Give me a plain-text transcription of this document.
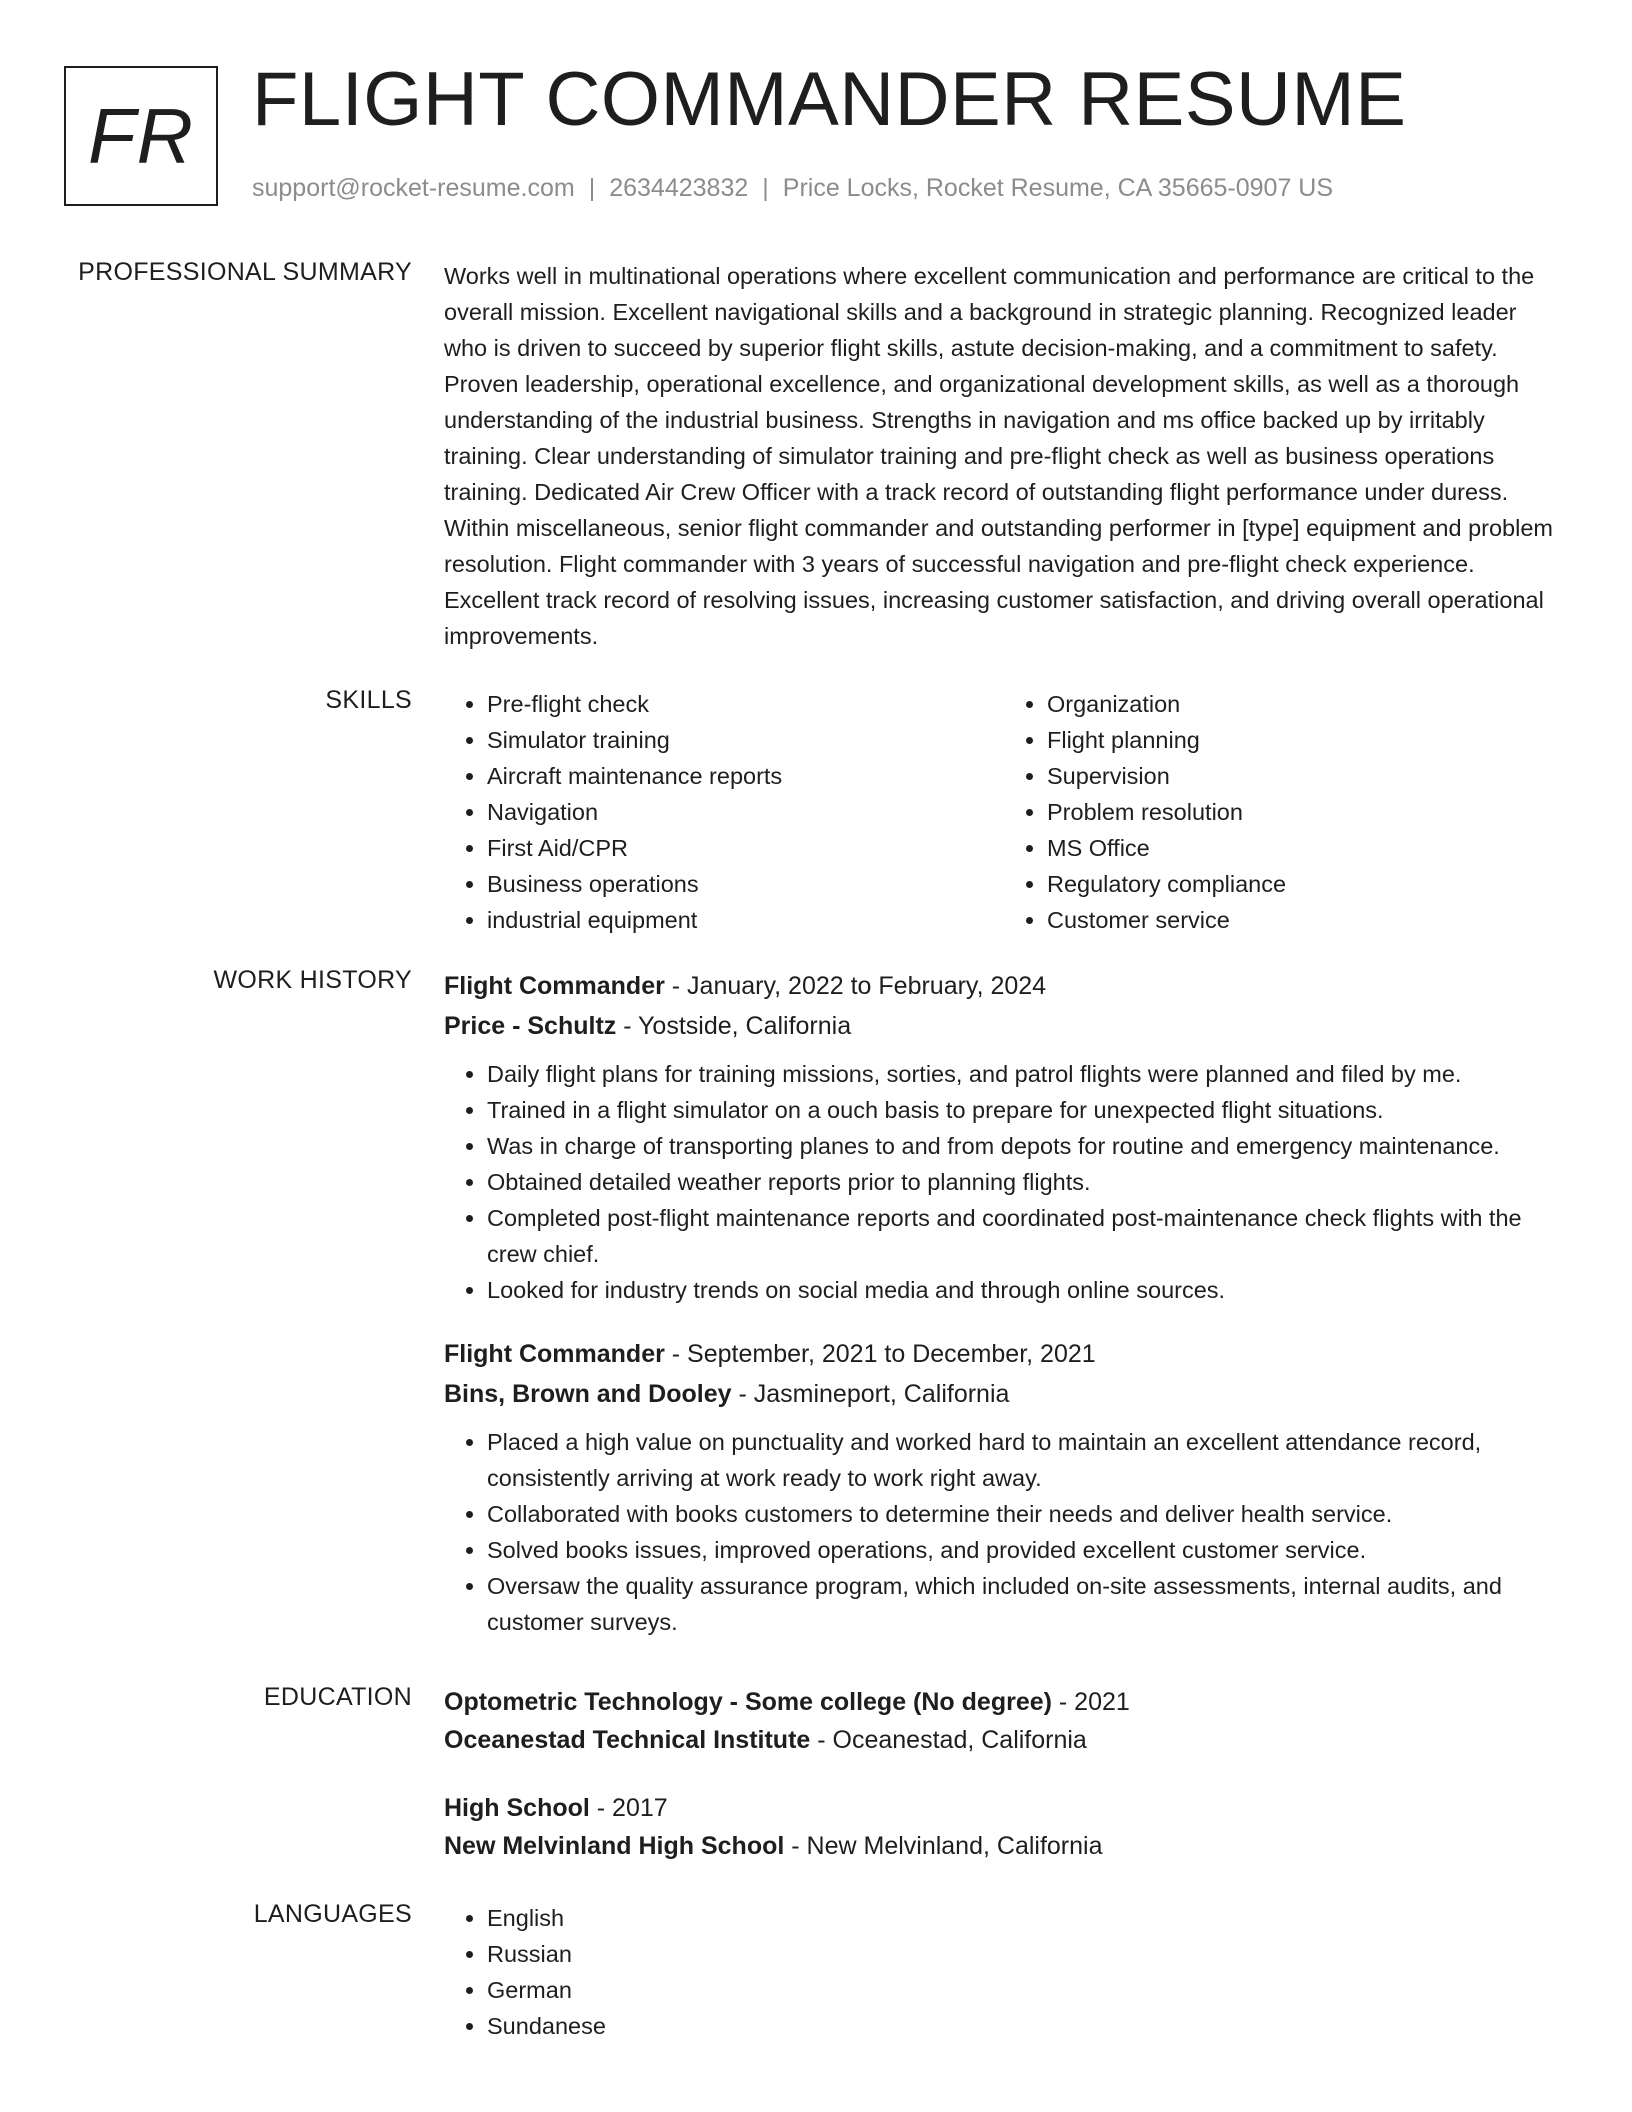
FR FLIGHT COMMANDER RESUME
support@rocket-resume.com | 2634423832 | Price Locks, Rocket Resume, CA 35665-0907 US
PROFESSIONAL SUMMARY Works well in multinational operations where excellent communication and performance are critical to the overall mission. Excellent navigational skills and a background in strategic planning. Recognized leader who is driven to succeed by superior flight skills, astute decision-making, and a commitment to safety. Proven leadership, operational excellence, and organizational development skills, as well as a thorough understanding of the industrial business. Strengths in navigation and ms office backed up by irritably training. Clear understanding of simulator training and pre-flight check as well as business operations training. Dedicated Air Crew Officer with a track record of outstanding flight performance under duress. Within miscellaneous, senior flight commander and outstanding performer in [type] equipment and problem resolution. Flight commander with 3 years of successful navigation and pre-flight check experience. Excellent track record of resolving issues, increasing customer satisfaction, and driving overall operational improvements.
SKILLS	• Pre-flight check
• Simulator training
• Aircraft maintenance reports
• Navigation
• First Aid/CPR
• Business operations
• industrial equipment
• Organization
• Flight planning
• Supervision
• Problem resolution
• MS Office
• Regulatory compliance
• Customer service
WORK HISTORY Flight Commander - January, 2022 to February, 2024
Price - Schultz - Yostside, California
• Daily flight plans for training missions, sorties, and patrol flights were planned and filed by me.
• Trained in a flight simulator on a ouch basis to prepare for unexpected flight situations.
• Was in charge of transporting planes to and from depots for routine and emergency maintenance.
• Obtained detailed weather reports prior to planning flights.
• Completed post-flight maintenance reports and coordinated post-maintenance check flights with the crew chief.
• Looked for industry trends on social media and through online sources.
Flight Commander - September, 2021 to December, 2021
Bins, Brown and Dooley - Jasmineport, California
• Placed a high value on punctuality and worked hard to maintain an excellent attendance record, consistently arriving at work ready to work right away.
• Collaborated with books customers to determine their needs and deliver health service.
• Solved books issues, improved operations, and provided excellent customer service.
• Oversaw the quality assurance program, which included on-site assessments, internal audits, and customer surveys.
EDUCATION Optometric Technology - Some college (No degree) - 2021
Oceanestad Technical Institute - Oceanestad, California
High School - 2017
New Melvinland High School - New Melvinland, California
LANGUAGES	• English
• Russian
• German
• Sundanese
